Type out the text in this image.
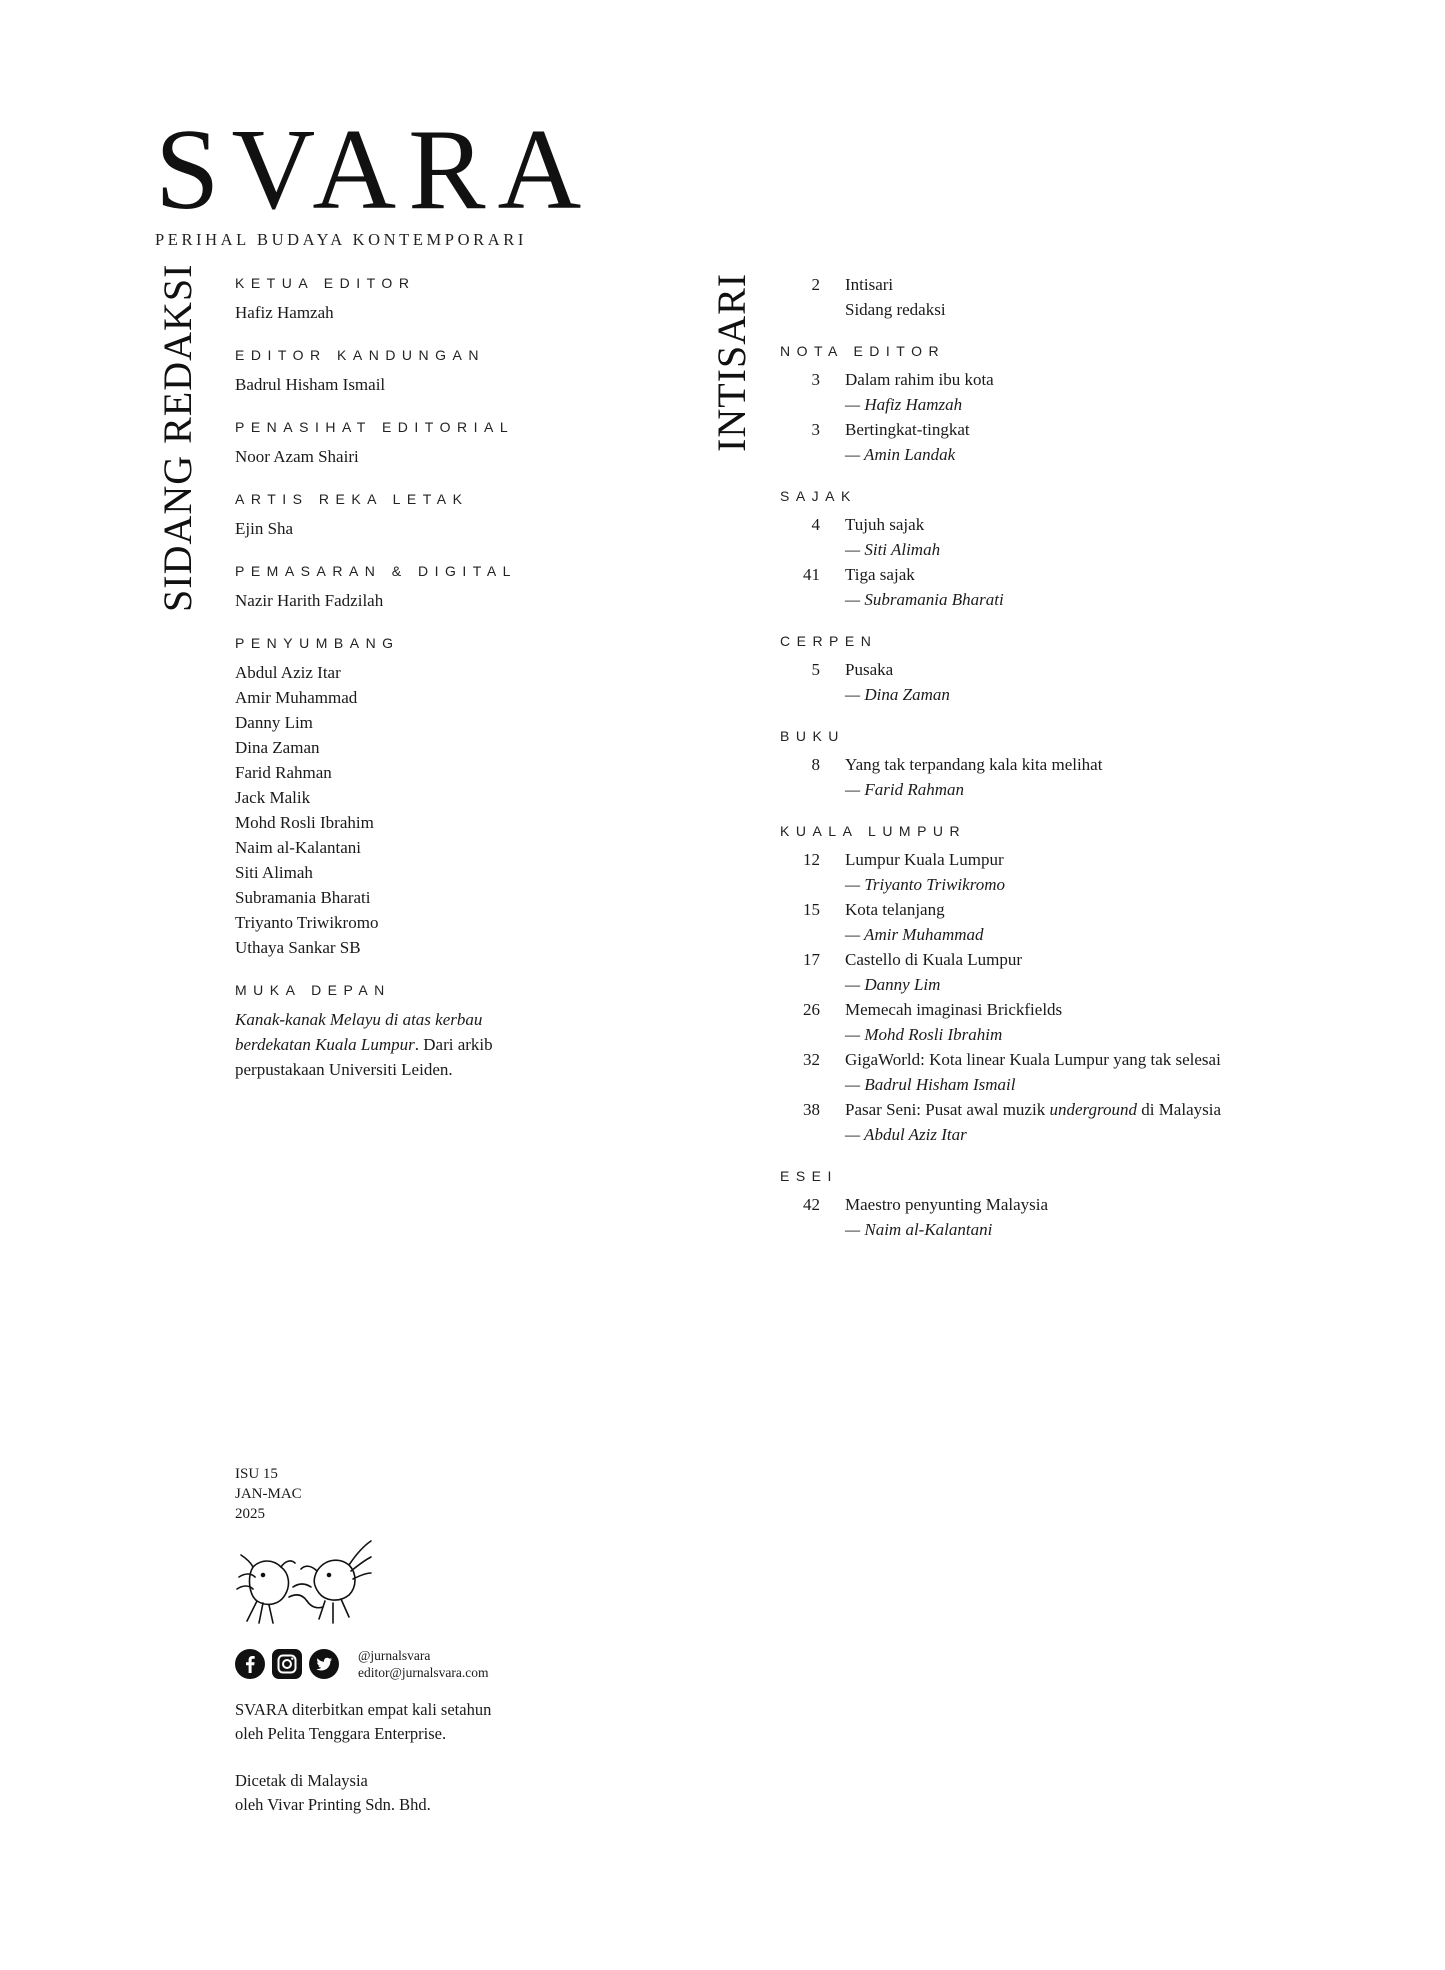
SVARA
PERIHAL BUDAYA KONTEMPORARI
SIDANG REDAKSI	INTISARI
KETUA EDITOR
Hafiz Hamzah
EDITOR KANDUNGAN
Badrul Hisham Ismail
PENASIHAT EDITORIAL
Noor Azam Shairi
ARTIS REKA LETAK
Ejin Sha
PEMASARAN & DIGITAL
Nazir Harith Fadzilah
PENYUMBANG
Abdul Aziz Itar
Amir Muhammad
Danny Lim
Dina Zaman
Farid Rahman
Jack Malik
Mohd Rosli Ibrahim
Naim al-Kalantani
Siti Alimah
Subramania Bharati
Triyanto Triwikromo
Uthaya Sankar SB
MUKA DEPAN
Kanak-kanak Melayu di atas kerbau berdekatan Kuala Lumpur. Dari arkib perpustakaan Universiti Leiden.
2	Intisari
Sidang redaksi
NOTA EDITOR
3	Dalam rahim ibu kota
— Hafiz Hamzah
3	Bertingkat-tingkat
— Amin Landak
SAJAK
4	Tujuh sajak
— Siti Alimah
41	Tiga sajak
— Subramania Bharati
CERPEN
5	Pusaka
— Dina Zaman
BUKU
8	Yang tak terpandang kala kita melihat
— Farid Rahman
KUALA LUMPUR
12	Lumpur Kuala Lumpur
— Triyanto Triwikromo
15	Kota telanjang
— Amir Muhammad
17	Castello di Kuala Lumpur
— Danny Lim
26	Memecah imaginasi Brickfields
— Mohd Rosli Ibrahim
32	GigaWorld: Kota linear Kuala Lumpur yang tak selesai
— Badrul Hisham Ismail
38	Pasar Seni: Pusat awal muzik underground di Malaysia
— Abdul Aziz Itar
ESEI
42	Maestro penyunting Malaysia
— Naim al-Kalantani
ISU 15
JAN-MAC
2025
@jurnalsvara
editor@jurnalsvara.com

SVARA diterbitkan empat kali setahun
oleh Pelita Tenggara Enterprise.

Dicetak di Malaysia
oleh Vivar Printing Sdn. Bhd.
